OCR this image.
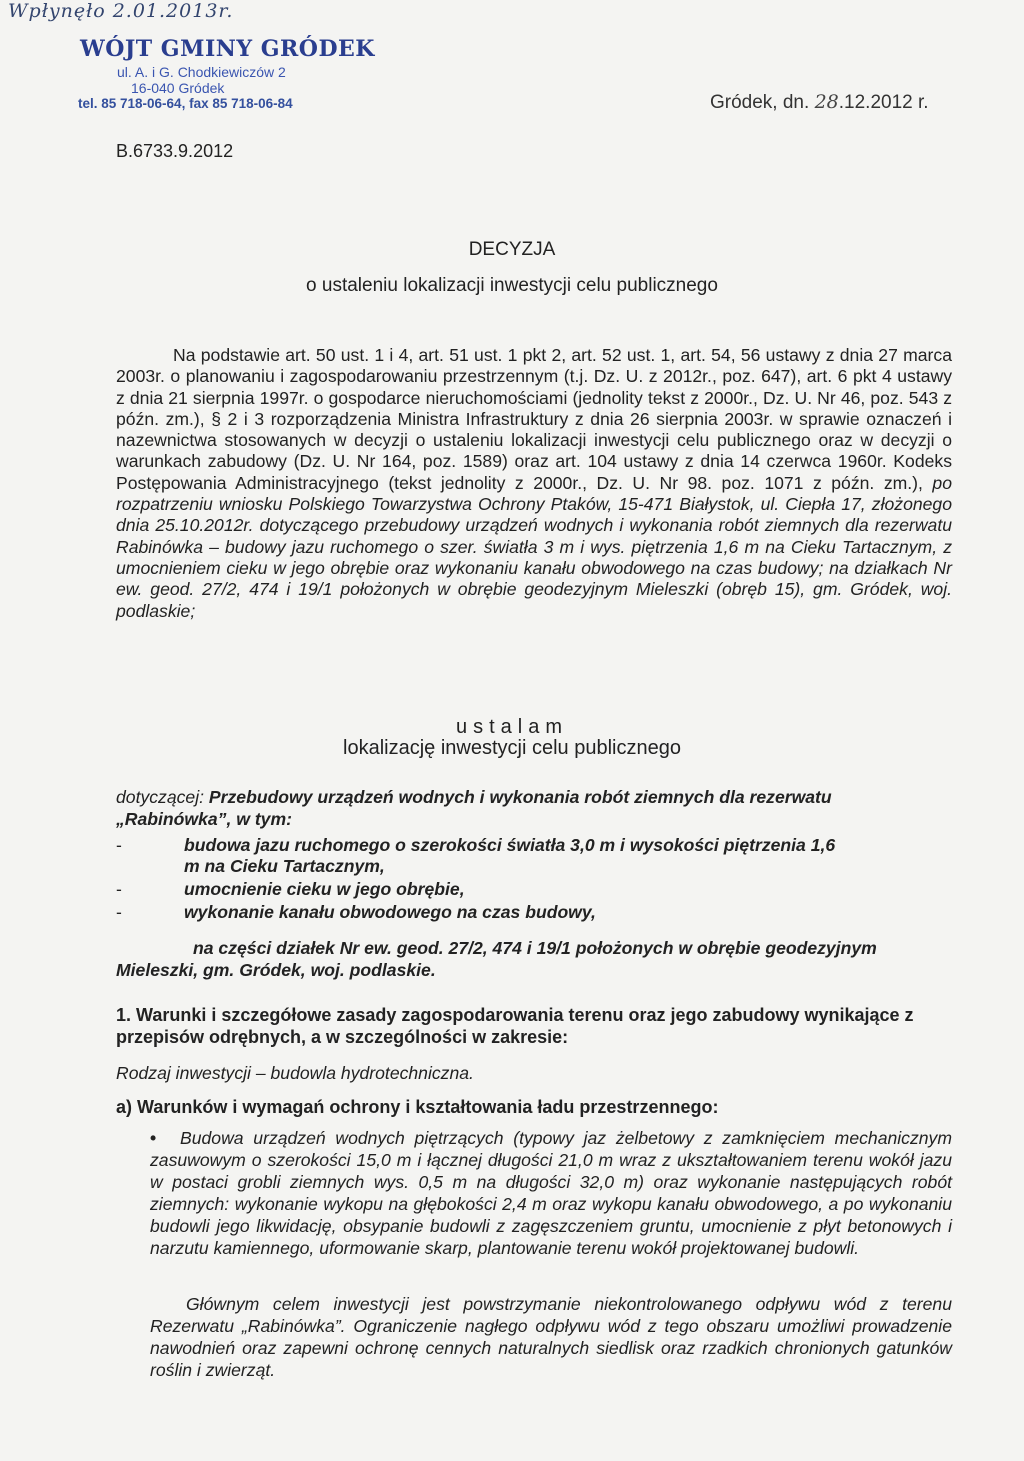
Wpłynęło 2.01.2013r.
WÓJT GMINY GRÓDEK
ul. A. i G. Chodkiewiczów 2
16-040 Gródek
tel. 85 718-06-64, fax 85 718-06-84	Gródek, dn. 28.12.2012 r.
B.6733.9.2012
DECYZJA
o ustaleniu lokalizacji inwestycji celu publicznego
Na podstawie art. 50 ust. 1 i 4, art. 51 ust. 1 pkt 2, art. 52 ust. 1, art. 54, 56 ustawy z dnia 27 marca 2003r. o planowaniu i zagospodarowaniu przestrzennym (t.j. Dz. U. z 2012r., poz. 647), art. 6 pkt 4 ustawy z dnia 21 sierpnia 1997r. o gospodarce nieruchomościami (jednolity tekst z 2000r., Dz. U. Nr 46, poz. 543 z późn. zm.), § 2 i 3 rozporządzenia Ministra Infrastruktury z dnia 26 sierpnia 2003r. w sprawie oznaczeń i nazewnictwa stosowanych w decyzji o ustaleniu lokalizacji inwestycji celu publicznego oraz w decyzji o warunkach zabudowy (Dz. U. Nr 164, poz. 1589) oraz art. 104 ustawy z dnia 14 czerwca 1960r. Kodeks Postępowania Administracyjnego (tekst jednolity z 2000r., Dz. U. Nr 98. poz. 1071 z późn. zm.), po rozpatrzeniu wniosku Polskiego Towarzystwa Ochrony Ptaków, 15-471 Białystok, ul. Ciepła 17, złożonego dnia 25.10.2012r. dotyczącego przebudowy urządzeń wodnych i wykonania robót ziemnych dla rezerwatu Rabinówka – budowy jazu ruchomego o szer. światła 3 m i wys. piętrzenia 1,6 m na Cieku Tartacznym, z umocnieniem cieku w jego obrębie oraz wykonaniu kanału obwodowego na czas budowy; na działkach Nr ew. geod. 27/2, 474 i 19/1 położonych w obrębie geodezyjnym Mieleszki (obręb 15), gm. Gródek, woj. podlaskie;
ustalam
lokalizację inwestycji celu publicznego
dotyczącej: Przebudowy urządzeń wodnych i wykonania robót ziemnych dla rezerwatu
„Rabinówka”, w tym:
-	budowa jazu ruchomego o szerokości światła 3,0 m i wysokości piętrzenia 1,6
m na Cieku Tartacznym,
-	umocnienie cieku w jego obrębie,
-	wykonanie kanału obwodowego na czas budowy,
na części działek Nr ew. geod. 27/2, 474 i 19/1 położonych w obrębie geodezyjnym Mieleszki, gm. Gródek, woj. podlaskie.
1. Warunki i szczegółowe zasady zagospodarowania terenu oraz jego zabudowy wynikające z przepisów odrębnych, a w szczególności w zakresie:
Rodzaj inwestycji – budowla hydrotechniczna.
a) Warunków i wymagań ochrony i kształtowania ładu przestrzennego:
• Budowa urządzeń wodnych piętrzących (typowy jaz żelbetowy z zamknięciem mechanicznym zasuwowym o szerokości 15,0 m i łącznej długości 21,0 m wraz z ukształtowaniem terenu wokół jazu w postaci grobli ziemnych wys. 0,5 m na długości 32,0 m) oraz wykonanie następujących robót ziemnych: wykonanie wykopu na głębokości 2,4 m oraz wykopu kanału obwodowego, a po wykonaniu budowli jego likwidację, obsypanie budowli z zagęszczeniem gruntu, umocnienie z płyt betonowych i narzutu kamiennego, uformowanie skarp, plantowanie terenu wokół projektowanej budowli.
Głównym celem inwestycji jest powstrzymanie niekontrolowanego odpływu wód z terenu Rezerwatu „Rabinówka”. Ograniczenie nagłego odpływu wód z tego obszaru umożliwi prowadzenie nawodnień oraz zapewni ochronę cennych naturalnych siedlisk oraz rzadkich chronionych gatunków roślin i zwierząt.
